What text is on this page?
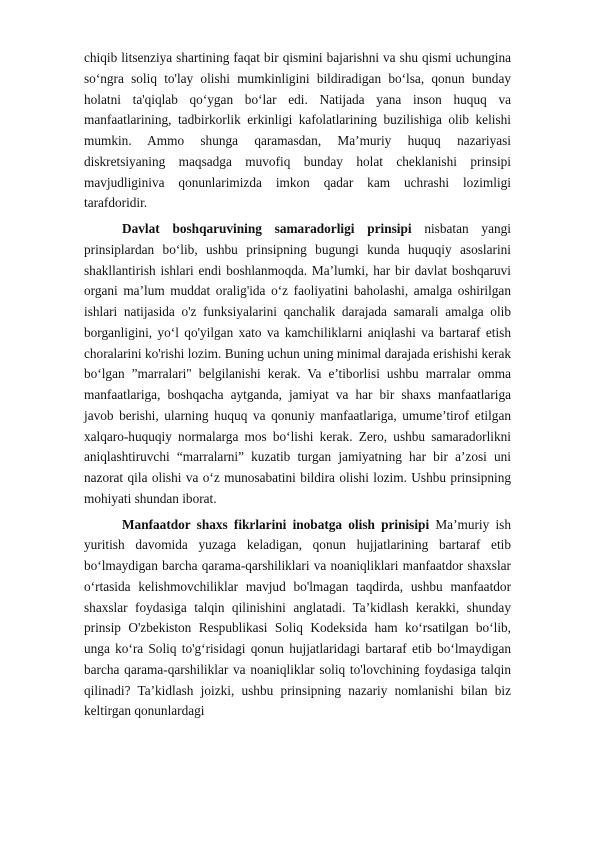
chiqib litsenziya shartining faqat bir qismini bajarishni va shu qismi uchungina so‘ngra soliq to'lay olishi mumkinligini bildiradigan bo‘lsa, qonun bunday holatni ta'qiqlab qo‘ygan bo‘lar edi. Natijada yana inson huquq va manfaatlarining, tadbirkorlik erkinligi kafolatlarining buzilishiga olib kelishi mumkin. Ammo shunga qaramasdan, Ma’muriy huquq nazariyasi diskretsiyaning maqsadga muvofiq bunday holat cheklanishi prinsipi mavjudliginiva qonunlarimizda imkon qadar kam uchrashi lozimligi tarafdoridir.

Davlat boshqaruvining samaradorligi prinsipi nisbatan yangi prinsiplardan bo‘lib, ushbu prinsipning bugungi kunda huquqiy asoslarini shakllantirish ishlari endi boshlanmoqda. Ma’lumki, har bir davlat boshqaruvi organi ma’lum muddat oralig'ida o‘z faoliyatini baholashi, amalga oshirilgan ishlari natijasida o'z funksiyalarini qanchalik darajada samarali amalga olib borganligini, yo‘l qo'yilgan xato va kamchiliklarni aniqlashi va bartaraf etish choralarini ko'rishi lozim. Buning uchun uning minimal darajada erishishi kerak bo‘lgan ”marralari" belgilanishi kerak. Va e’tiborlisi ushbu marralar omma manfaatlariga, boshqacha aytganda, jamiyat va har bir shaxs manfaatlariga javob berishi, ularning huquq va qonuniy manfaatlariga, umume’tirof etilgan xalqaro-huquqiy normalarga mos bo‘lishi kerak. Zero, ushbu samaradorlikni aniqlashtiruvchi “marralarni” kuzatib turgan jamiyatning har bir a’zosi uni nazorat qila olishi va o‘z munosabatini bildira olishi lozim. Ushbu prinsipning mohiyati shundan iborat.

Manfaatdor shaxs fikrlarini inobatga olish prinisipi Ma’muriy ish yuritish davomida yuzaga keladigan, qonun hujjatlarining bartaraf etib bo‘lmaydigan barcha qarama-qarshiliklari va noaniqliklari manfaatdor shaxslar o‘rtasida kelishmovchiliklar mavjud bo'lmagan taqdirda, ushbu manfaatdor shaxslar foydasiga talqin qilinishini anglatadi. Ta’kidlash kerakki, shunday prinsip O'zbekiston Respublikasi Soliq Kodeksida ham ko‘rsatilgan bo‘lib, unga ko‘ra Soliq to'g‘risidagi qonun hujjatlaridagi bartaraf etib bo‘lmaydigan barcha qarama-qarshiliklar va noaniqliklar soliq to'lovchining foydasiga talqin qilinadi? Ta’kidlash joizki, ushbu prinsipning nazariy nomlanishi bilan biz keltirgan qonunlardagi
